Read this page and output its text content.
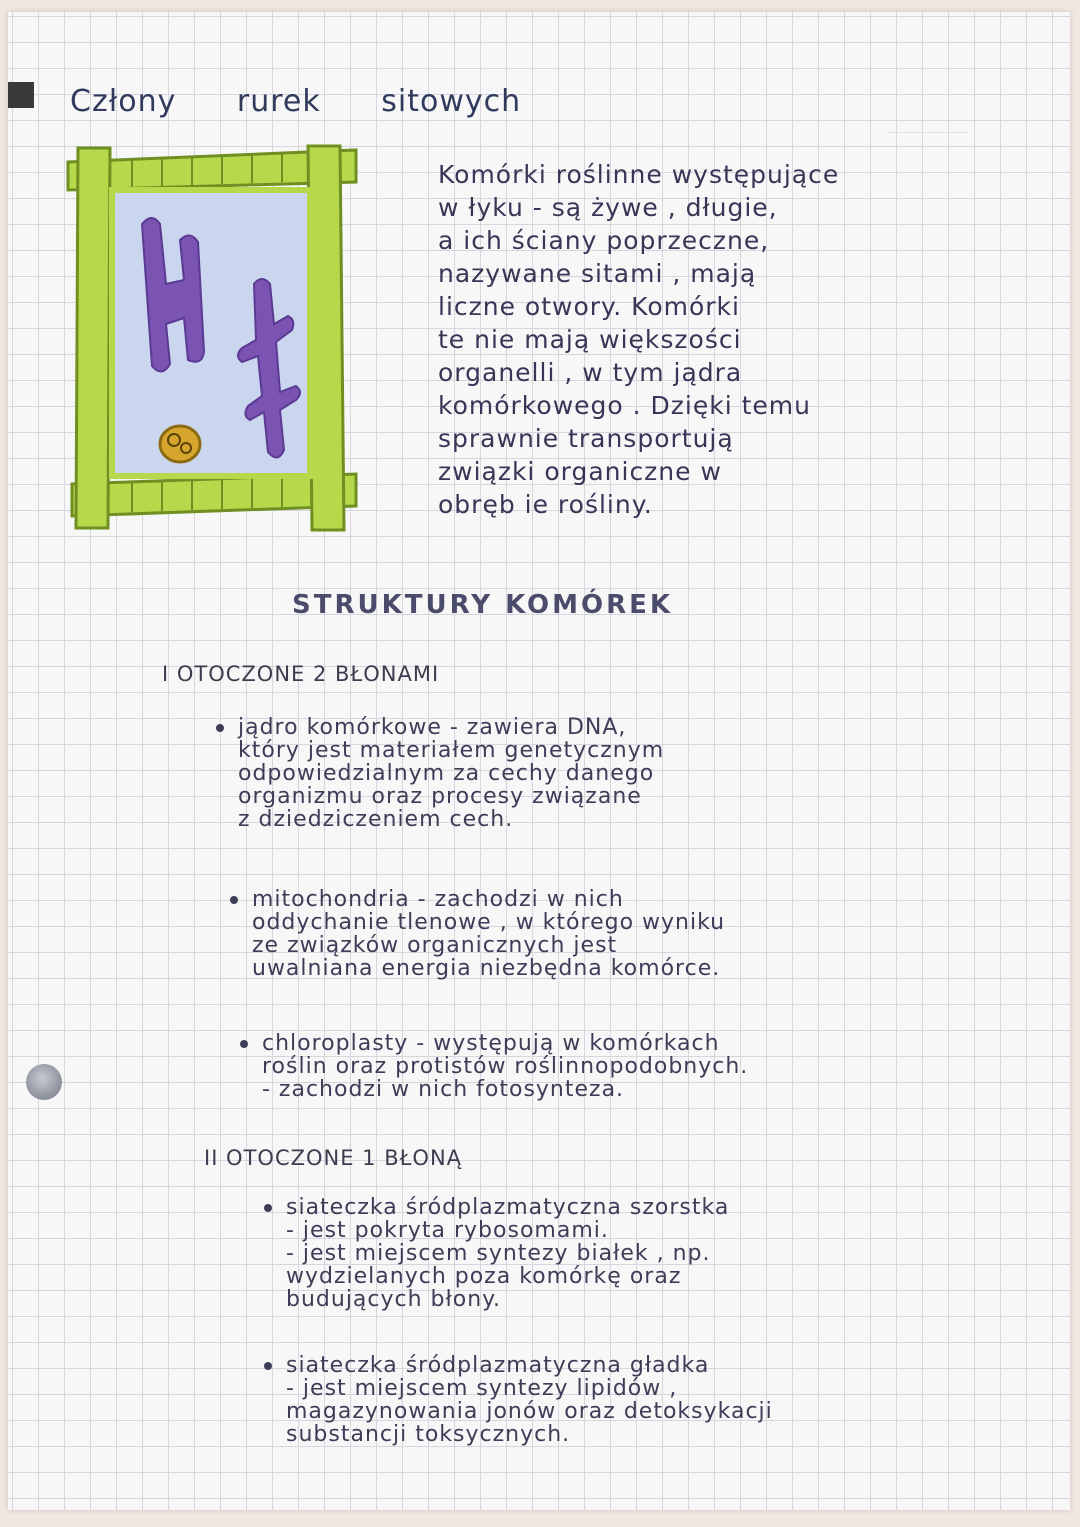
Człony rurek sitowych
Komórki roślinne występujące
w łyku - są żywe , długie,
a ich ściany poprzeczne,
nazywane sitami , mają
liczne otwory. Komórki
te nie mają większości
organelli , w tym jądra
komórkowego . Dzięki temu
sprawnie transportują
związki organiczne w
obręb ie rośliny.
STRUKTURY KOMÓREK
I OTOCZONE 2 BŁONAMI
jądro komórkowe - zawiera DNA,
który jest materiałem genetycznym
odpowiedzialnym za cechy danego
organizmu oraz procesy związane
z dziedziczeniem cech.
mitochondria - zachodzi w nich
oddychanie tlenowe , w którego wyniku
ze związków organicznych jest
uwalniana energia niezbędna komórce.
chloroplasty - występują w komórkach
roślin oraz protistów roślinnopodobnych.
- zachodzi w nich fotosynteza.
II OTOCZONE 1 BŁONĄ
siateczka śródplazmatyczna szorstka
- jest pokryta rybosomami.
- jest miejscem syntezy białek , np.
wydzielanych poza komórkę oraz
budujących błony.
siateczka śródplazmatyczna gładka
- jest miejscem syntezy lipidów ,
magazynowania jonów oraz detoksykacji
substancji toksycznych.
